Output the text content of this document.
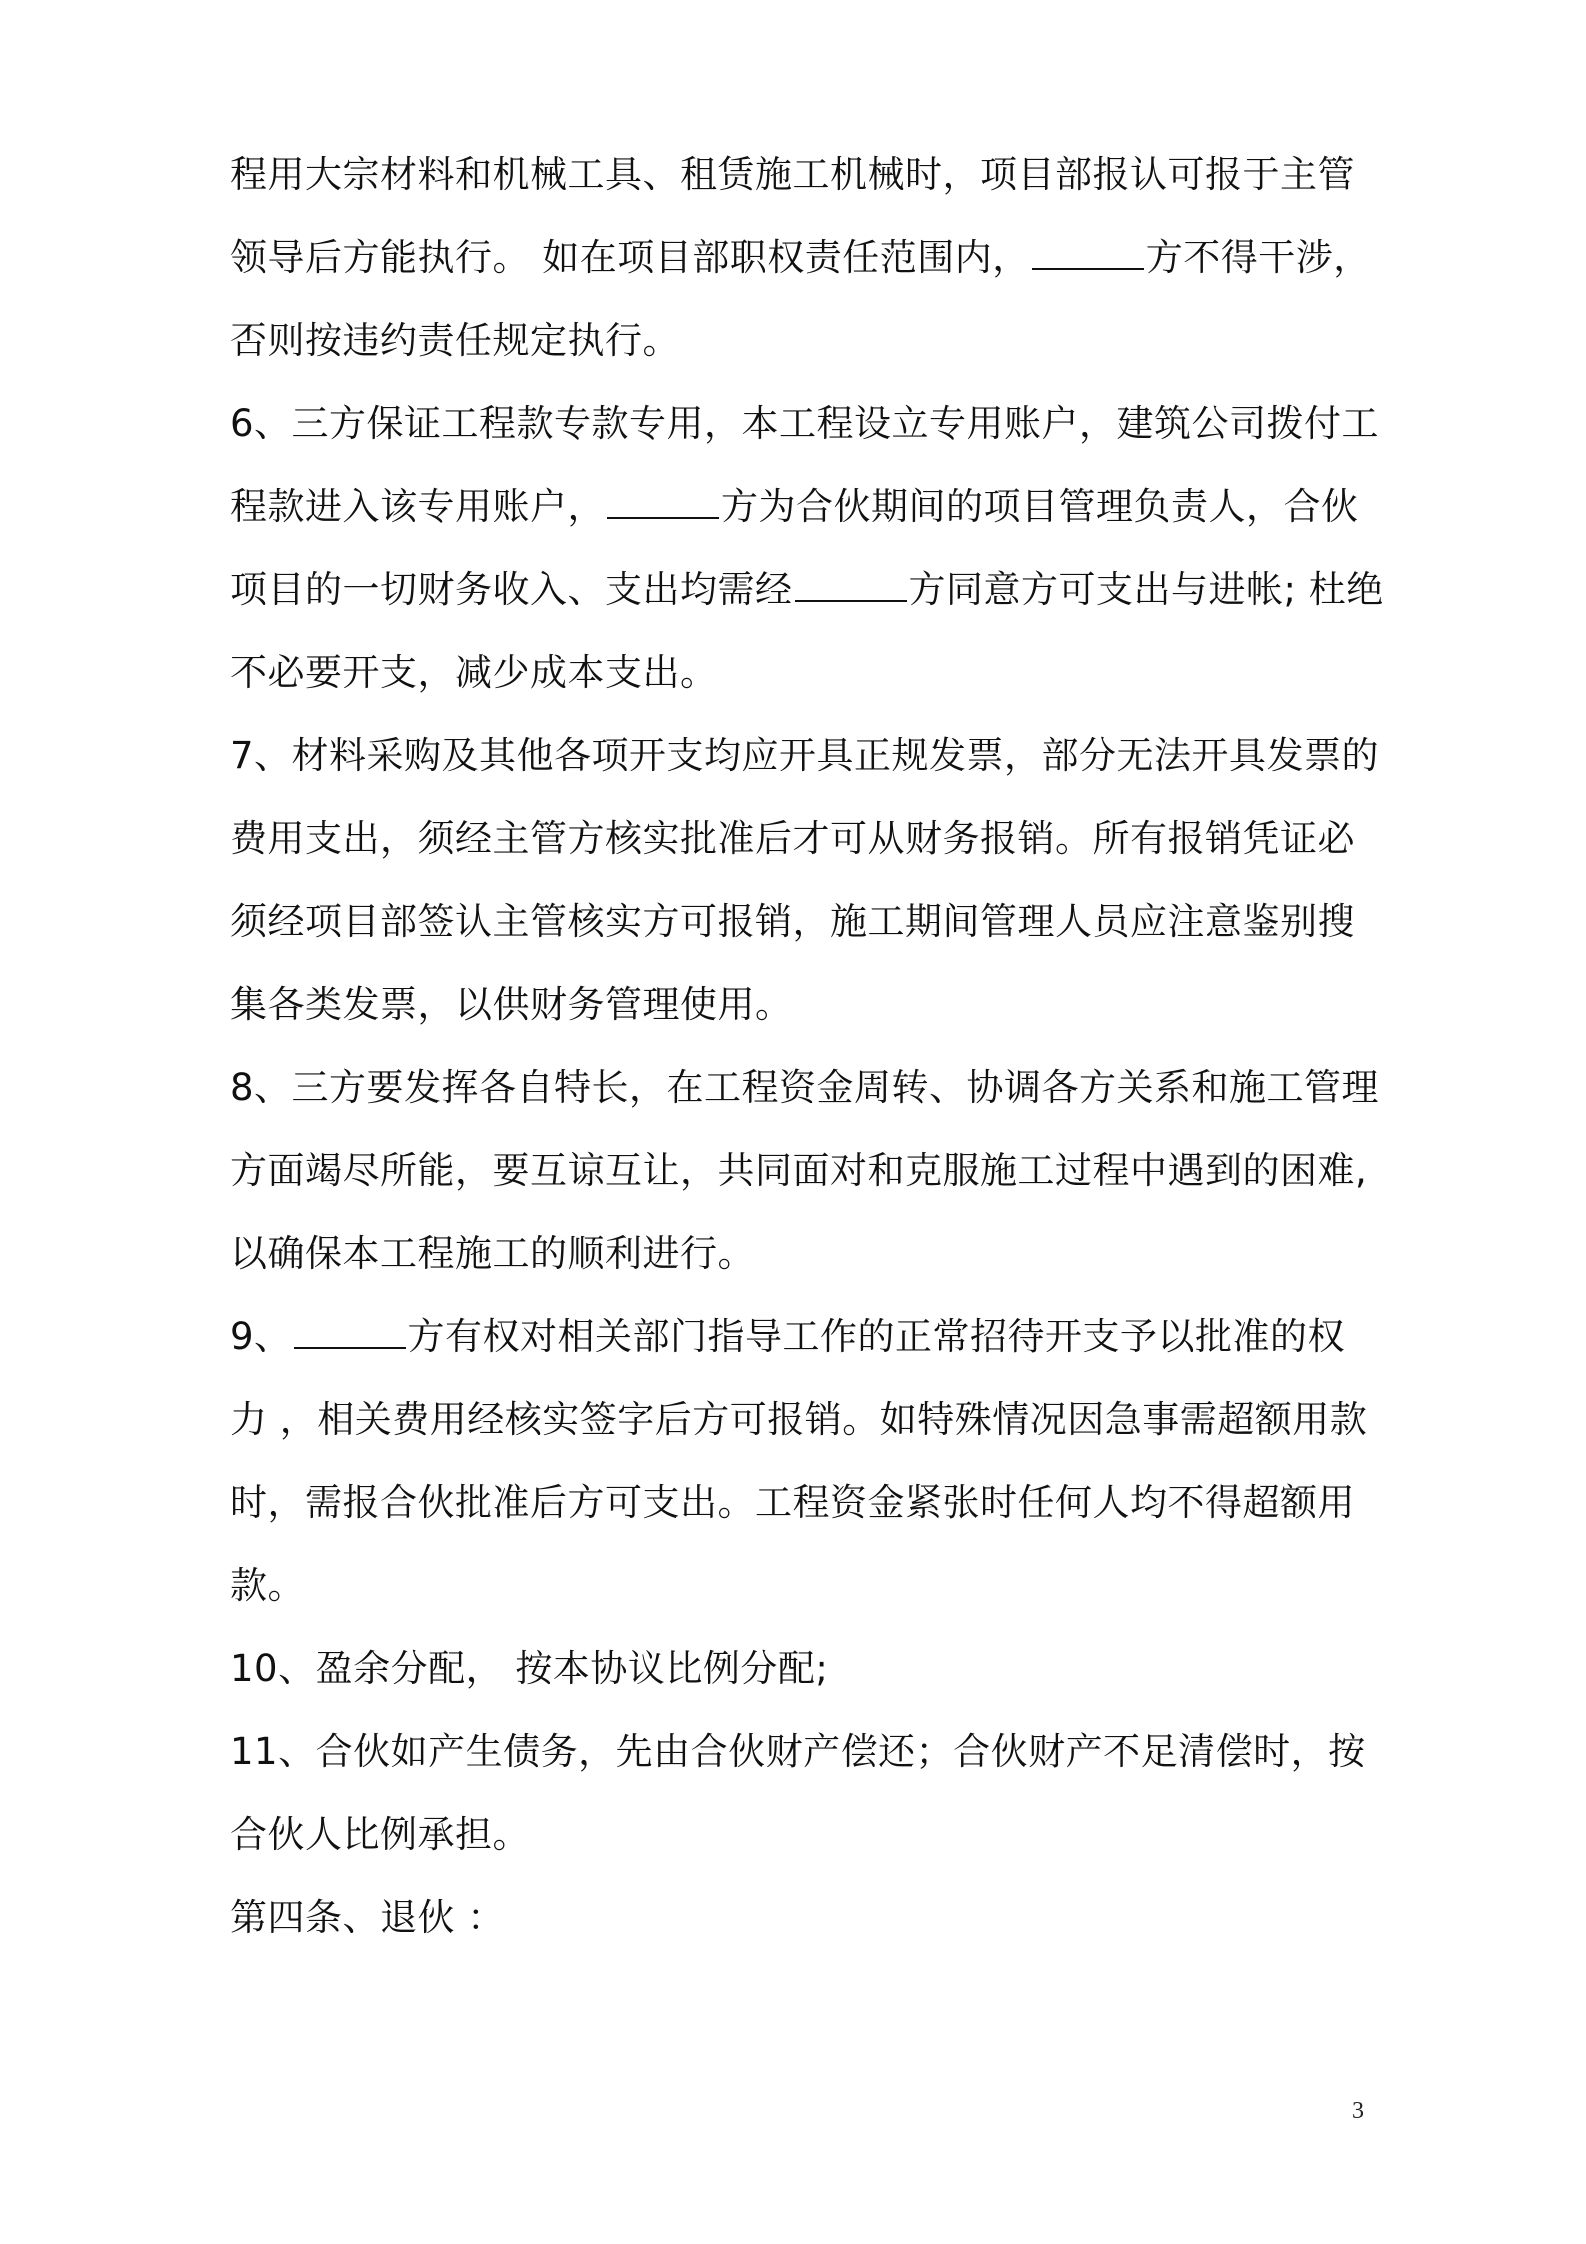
程用大宗材料和机械工具、租赁施工机械时，项目部报认可报于主管
领导后方能执行。 如在项目部职权责任范围内，	方不得干涉，
否则按违约责任规定执行。
6、三方保证工程款专款专用，本工程设立专用账户，建筑公司拨付工
程款进入该专用账户，	方为合伙期间的项目管理负责人，合伙
项目的一切财务收入、支出均需经	方同意方可支出与进帐; 杜绝
不必要开支，减少成本支出。
7、材料采购及其他各项开支均应开具正规发票，部分无法开具发票的
费用支出，须经主管方核实批准后才可从财务报销。所有报销凭证必
须经项目部签认主管核实方可报销，施工期间管理人员应注意鉴别搜
集各类发票，以供财务管理使用。
8、三方要发挥各自特长，在工程资金周转、协调各方关系和施工管理
方面竭尽所能，要互谅互让，共同面对和克服施工过程中遇到的困难,
以确保本工程施工的顺利进行。
9、	方有权对相关部门指导工作的正常招待开支予以批准的权
力 ，相关费用经核实签字后方可报销。如特殊情况因急事需超额用款
时，需报合伙批准后方可支出。工程资金紧张时任何人均不得超额用
款。
10、盈余分配， 按本协议比例分配;
11、合伙如产生债务，先由合伙财产偿还；合伙财产不足清偿时，按
合伙人比例承担。
第四条、退伙 ：
3
